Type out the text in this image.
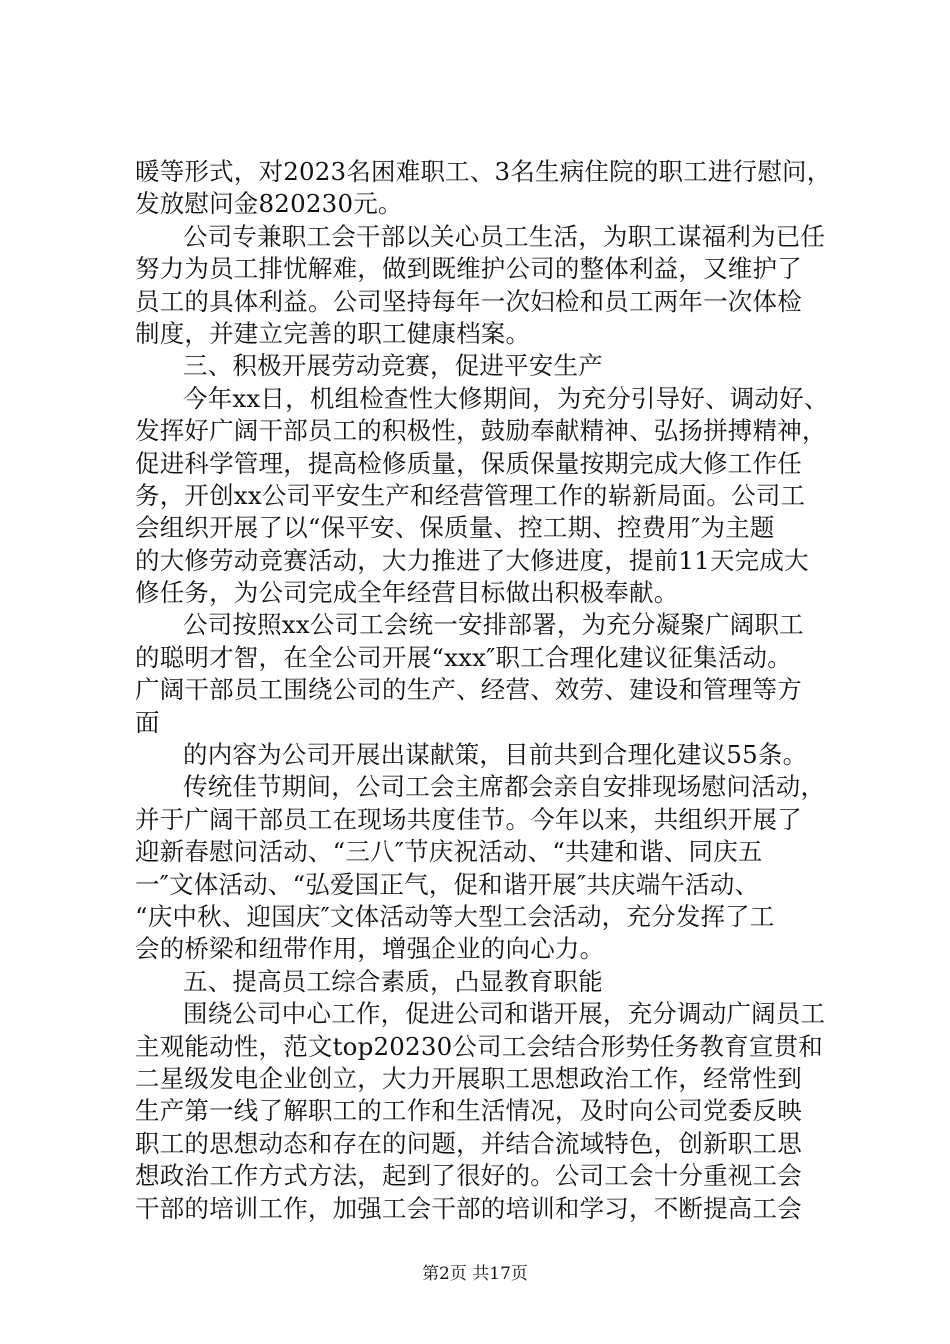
暖等形式，对2023名困难职工、3名生病住院的职工进行慰问，
发放慰问金820230元。
公司专兼职工会干部以关心员工生活，为职工谋福利为已任
努力为员工排忧解难，做到既维护公司的整体利益，又维护了
员工的具体利益。公司坚持每年一次妇检和员工两年一次体检
制度，并建立完善的职工健康档案。
三、积极开展劳动竞赛，促进平安生产
今年xx日，机组检查性大修期间，为充分引导好、调动好、
发挥好广阔干部员工的积极性，鼓励奉献精神、弘扬拼搏精神，
促进科学管理，提高检修质量，保质保量按期完成大修工作任
务，开创xx公司平安生产和经营管理工作的崭新局面。公司工
会组织开展了以“保平安、保质量、控工期、控费用″为主题
的大修劳动竞赛活动，大力推进了大修进度，提前11天完成大
修任务，为公司完成全年经营目标做出积极奉献。
公司按照xx公司工会统一安排部署，为充分凝聚广阔职工
的聪明才智，在全公司开展“xxx″职工合理化建议征集活动。
广阔干部员工围绕公司的生产、经营、效劳、建设和管理等方
面
的内容为公司开展出谋献策，目前共到合理化建议55条。
传统佳节期间，公司工会主席都会亲自安排现场慰问活动，
并于广阔干部员工在现场共度佳节。今年以来，共组织开展了
迎新春慰问活动、“三八″节庆祝活动、“共建和谐、同庆五
一″文体活动、“弘爱国正气，促和谐开展″共庆端午活动、
“庆中秋、迎国庆″文体活动等大型工会活动，充分发挥了工
会的桥梁和纽带作用，增强企业的向心力。
五、提高员工综合素质，凸显教育职能
围绕公司中心工作，促进公司和谐开展，充分调动广阔员工
主观能动性，范文top20230公司工会结合形势任务教育宣贯和
二星级发电企业创立，大力开展职工思想政治工作，经常性到
生产第一线了解职工的工作和生活情况，及时向公司党委反映
职工的思想动态和存在的问题，并结合流域特色，创新职工思
想政治工作方式方法，起到了很好的。公司工会十分重视工会
干部的培训工作，加强工会干部的培训和学习，不断提高工会
第2页 共17页
